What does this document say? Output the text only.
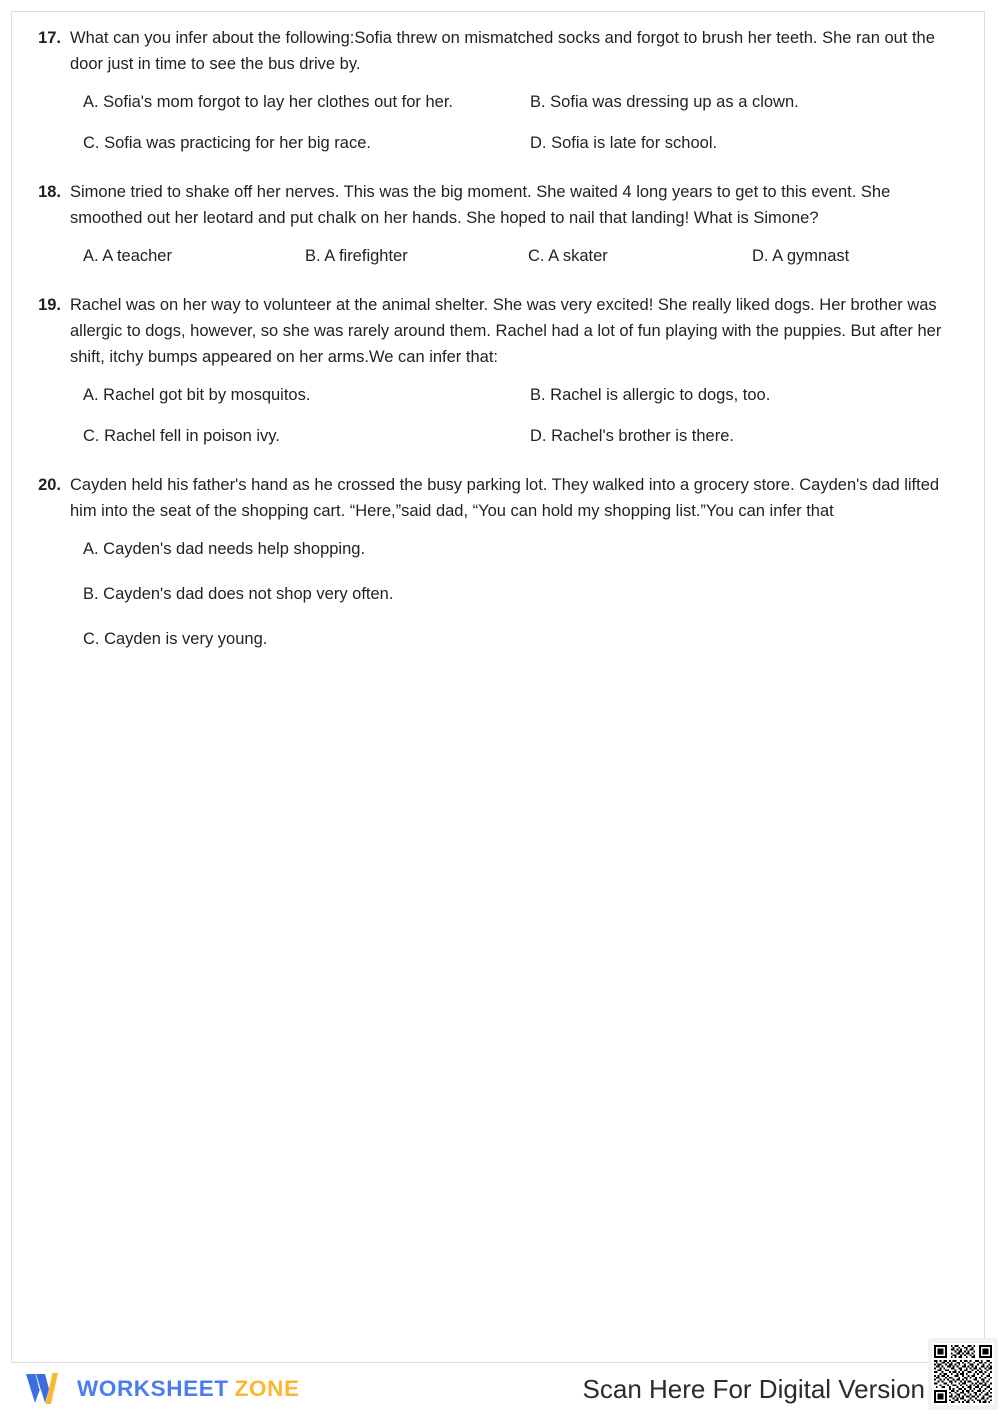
17. What can you infer about the following:Sofia threw on mismatched socks and forgot to brush her teeth. She ran out the door just in time to see the bus drive by.
A. Sofia's mom forgot to lay her clothes out for her.	B. Sofia was dressing up as a clown.
C. Sofia was practicing for her big race.	D. Sofia is late for school.
18. Simone tried to shake off her nerves. This was the big moment. She waited 4 long years to get to this event. She smoothed out her leotard and put chalk on her hands. She hoped to nail that landing! What is Simone?
A. A teacher	B. A firefighter	C. A skater	D. A gymnast
19. Rachel was on her way to volunteer at the animal shelter. She was very excited! She really liked dogs. Her brother was allergic to dogs, however, so she was rarely around them. Rachel had a lot of fun playing with the puppies. But after her shift, itchy bumps appeared on her arms.We can infer that:
A. Rachel got bit by mosquitos.	B. Rachel is allergic to dogs, too.
C. Rachel fell in poison ivy.	D. Rachel's brother is there.
20. Cayden held his father's hand as he crossed the busy parking lot. They walked into a grocery store. Cayden's dad lifted him into the seat of the shopping cart. “Here,”said dad, “You can hold my shopping list.”You can infer that
A. Cayden's dad needs help shopping.
B. Cayden's dad does not shop very often.
C. Cayden is very young.
WORKSHEET ZONE	Scan Here For Digital Version
